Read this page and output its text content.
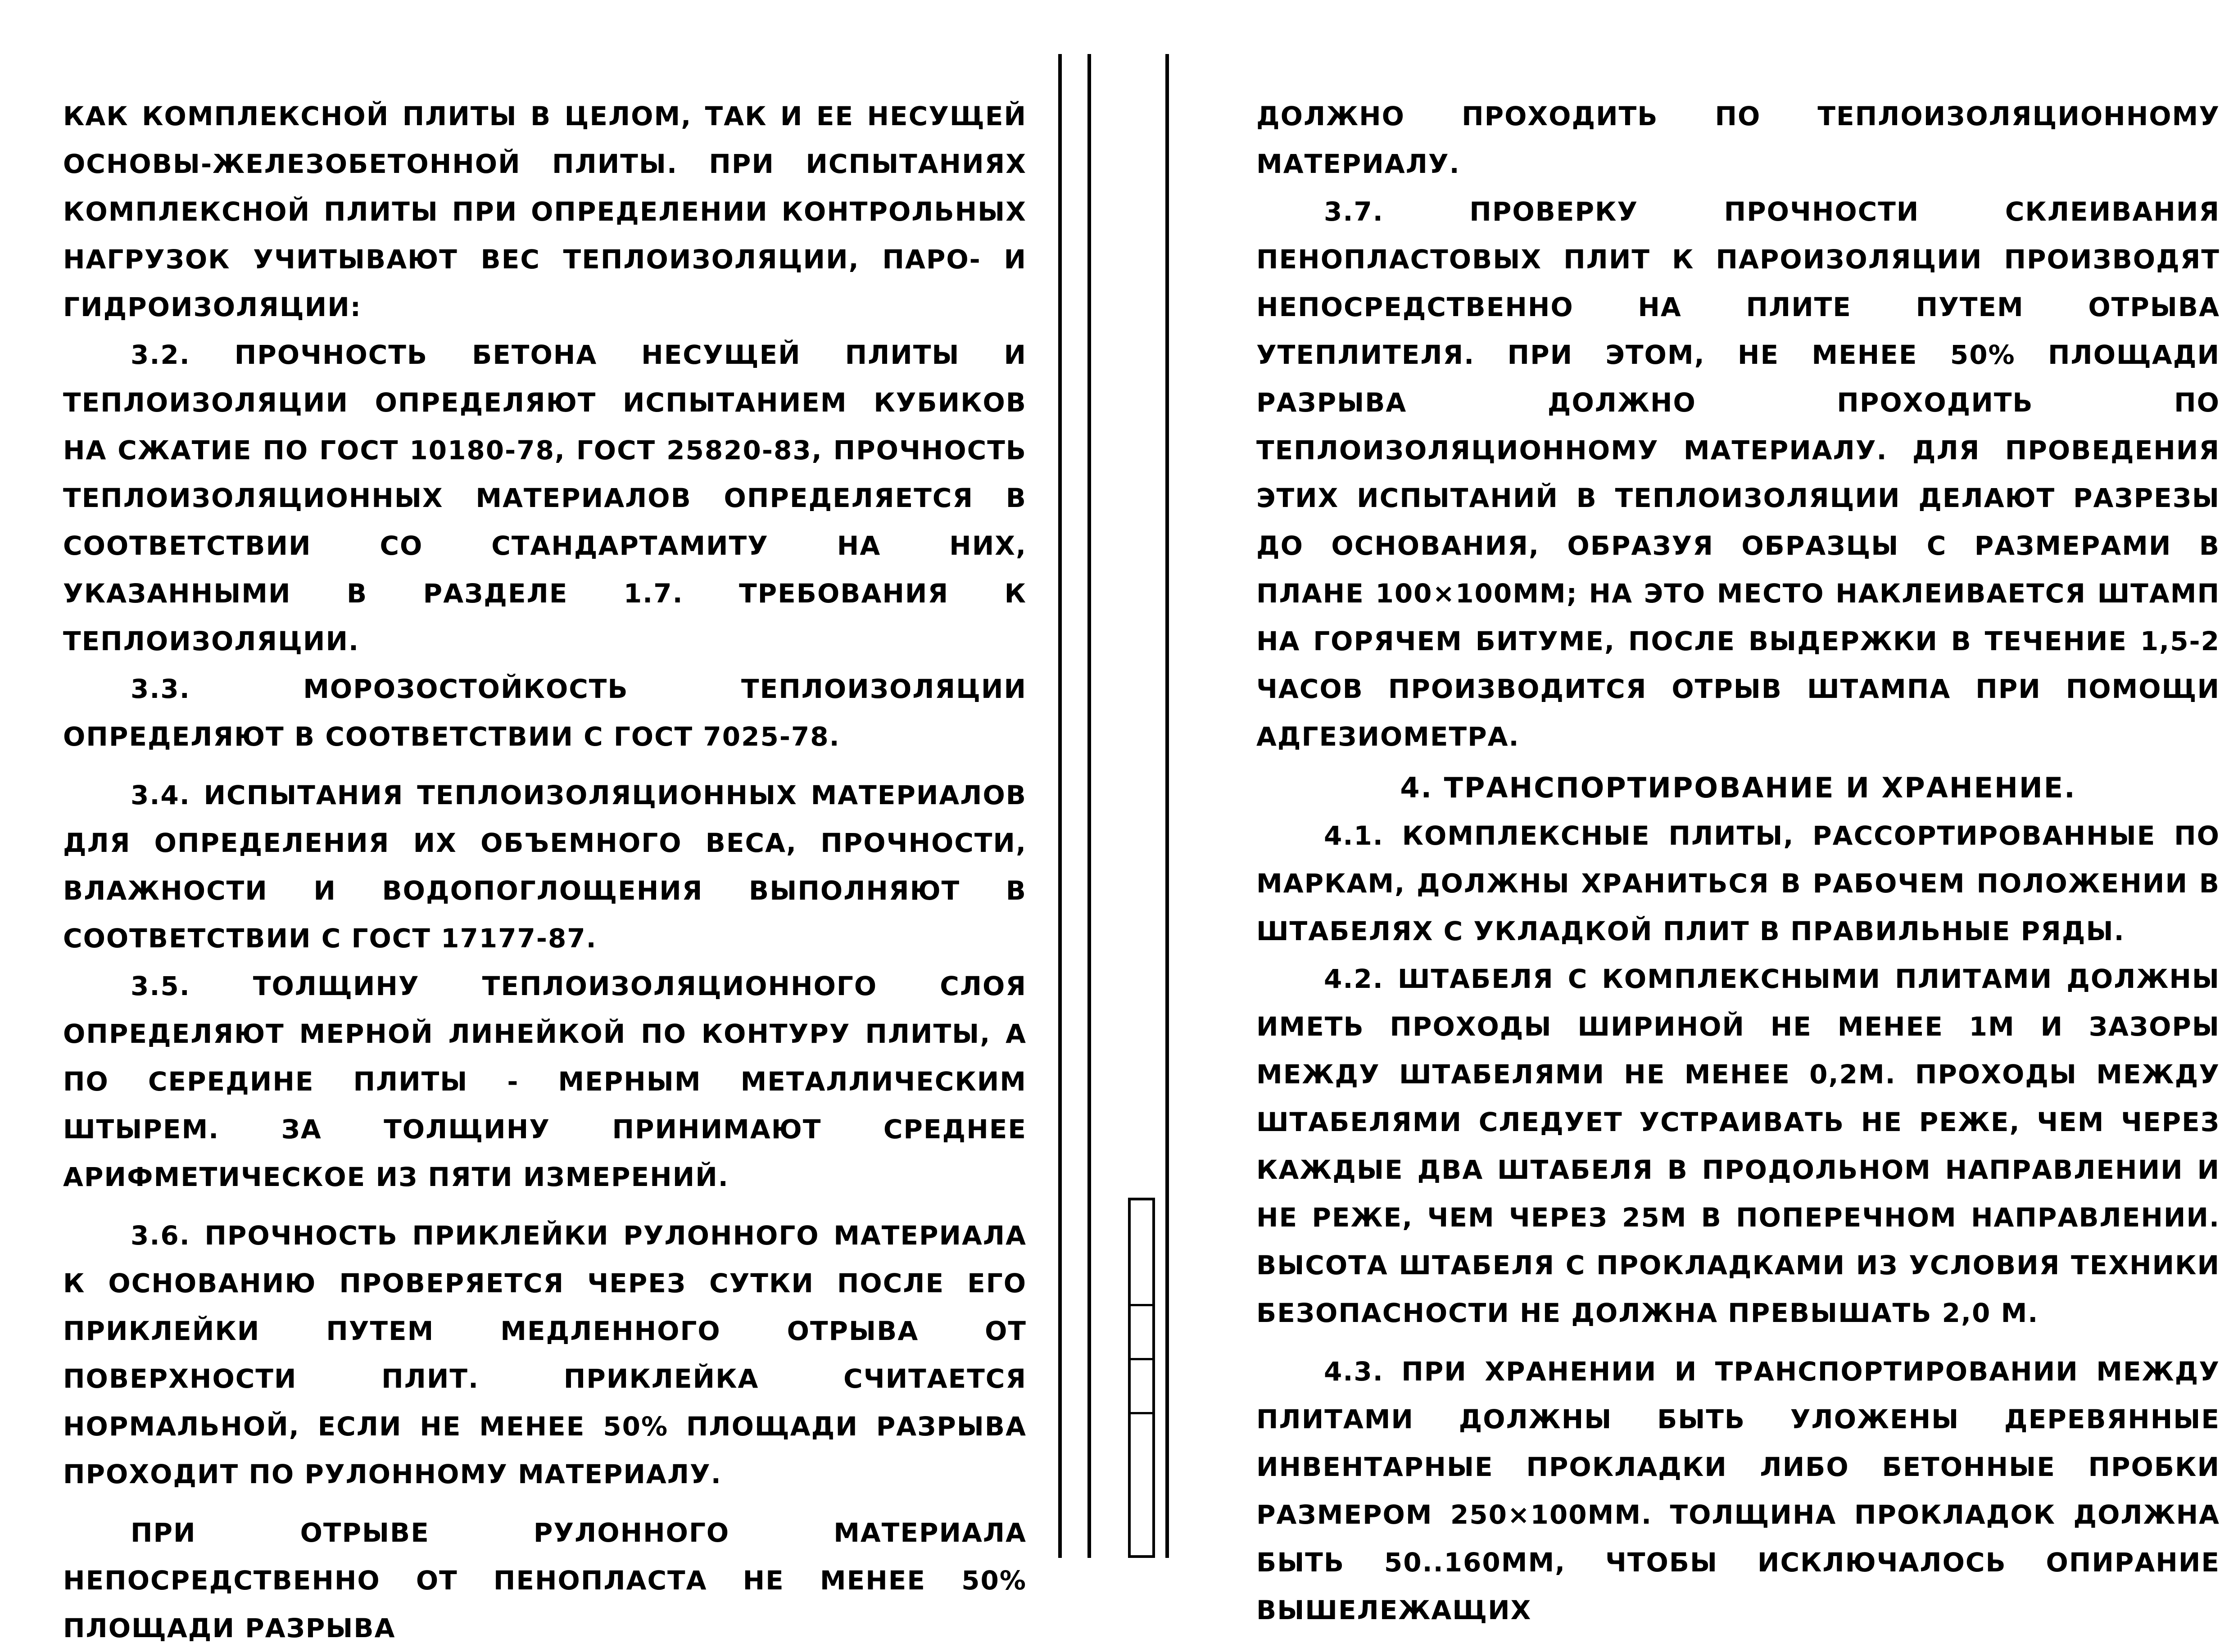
КАК КОМПЛЕКСНОЙ ПЛИТЫ В ЦЕЛОМ, ТАК И ЕЕ НЕСУЩЕЙ ОСНОВЫ-ЖЕЛЕЗОБЕТОННОЙ ПЛИТЫ. ПРИ ИСПЫТАНИЯХ КОМПЛЕКСНОЙ ПЛИТЫ ПРИ ОПРЕДЕЛЕНИИ КОНТРОЛЬНЫХ НАГРУЗОК УЧИТЫВАЮТ ВЕС ТЕПЛОИЗОЛЯЦИИ, ПАРО- И ГИДРОИЗОЛЯЦИИ:

3.2. ПРОЧНОСТЬ БЕТОНА НЕСУЩЕЙ ПЛИТЫ И ТЕПЛОИЗОЛЯЦИИ ОПРЕДЕЛЯЮТ ИСПЫТАНИЕМ КУБИКОВ НА СЖАТИЕ ПО ГОСТ 10180-78, ГОСТ 25820-83, ПРОЧНОСТЬ ТЕПЛОИЗОЛЯЦИОННЫХ МАТЕРИАЛОВ ОПРЕДЕЛЯЕТСЯ В СООТВЕТСТВИИ СО СТАНДАРТАМИТУ НА НИХ, УКАЗАННЫМИ В РАЗДЕЛЕ 1.7. ТРЕБОВАНИЯ К ТЕПЛОИЗОЛЯЦИИ.

3.3. МОРОЗОСТОЙКОСТЬ ТЕПЛОИЗОЛЯЦИИ ОПРЕДЕЛЯЮТ В СООТВЕТСТВИИ С ГОСТ 7025-78.

3.4. ИСПЫТАНИЯ ТЕПЛОИЗОЛЯЦИОННЫХ МАТЕРИАЛОВ ДЛЯ ОПРЕДЕЛЕНИЯ ИХ ОБЪЕМНОГО ВЕСА, ПРОЧНОСТИ, ВЛАЖНОСТИ И ВОДОПОГЛОЩЕНИЯ ВЫПОЛНЯЮТ В СООТВЕТСТВИИ С ГОСТ 17177-87.

3.5. ТОЛЩИНУ ТЕПЛОИЗОЛЯЦИОННОГО СЛОЯ ОПРЕДЕЛЯЮТ МЕРНОЙ ЛИНЕЙКОЙ ПО КОНТУРУ ПЛИТЫ, А ПО СЕРЕДИНЕ ПЛИТЫ - МЕРНЫМ МЕТАЛЛИЧЕСКИМ ШТЫРЕМ. ЗА ТОЛЩИНУ ПРИНИМАЮТ СРЕДНЕЕ АРИФМЕТИЧЕСКОЕ ИЗ ПЯТИ ИЗМЕРЕНИЙ.

3.6. ПРОЧНОСТЬ ПРИКЛЕЙКИ РУЛОННОГО МАТЕРИАЛА К ОСНОВАНИЮ ПРОВЕРЯЕТСЯ ЧЕРЕЗ СУТКИ ПОСЛЕ ЕГО ПРИКЛЕЙКИ ПУТЕМ МЕДЛЕННОГО ОТРЫВА ОТ ПОВЕРХНОСТИ ПЛИТ. ПРИКЛЕЙКА СЧИТАЕТСЯ НОРМАЛЬНОЙ, ЕСЛИ НЕ МЕНЕЕ 50% ПЛОЩАДИ РАЗРЫВА ПРОХОДИТ ПО РУЛОННОМУ МАТЕРИАЛУ.

ПРИ ОТРЫВЕ РУЛОННОГО МАТЕРИАЛА НЕПОСРЕДСТВЕННО ОТ ПЕНОПЛАСТА НЕ МЕНЕЕ 50% ПЛОЩАДИ РАЗРЫВА

ДОЛЖНО ПРОХОДИТЬ ПО ТЕПЛОИЗОЛЯЦИОННОМУ МАТЕРИАЛУ.

3.7. ПРОВЕРКУ ПРОЧНОСТИ СКЛЕИВАНИЯ ПЕНОПЛАСТОВЫХ ПЛИТ К ПАРОИЗОЛЯЦИИ ПРОИЗВОДЯТ НЕПОСРЕДСТВЕННО НА ПЛИТЕ ПУТЕМ ОТРЫВА УТЕПЛИТЕЛЯ. ПРИ ЭТОМ, НЕ МЕНЕЕ 50% ПЛОЩАДИ РАЗРЫВА ДОЛЖНО ПРОХОДИТЬ ПО ТЕПЛОИЗОЛЯЦИОННОМУ МАТЕРИАЛУ. ДЛЯ ПРОВЕДЕНИЯ ЭТИХ ИСПЫТАНИЙ В ТЕПЛОИЗОЛЯЦИИ ДЕЛАЮТ РАЗРЕЗЫ ДО ОСНОВАНИЯ, ОБРАЗУЯ ОБРАЗЦЫ С РАЗМЕРАМИ В ПЛАНЕ 100×100ММ; НА ЭТО МЕСТО НАКЛЕИВАЕТСЯ ШТАМП НА ГОРЯЧЕМ БИТУМЕ, ПОСЛЕ ВЫДЕРЖКИ В ТЕЧЕНИЕ 1,5-2 ЧАСОВ ПРОИЗВОДИТСЯ ОТРЫВ ШТАМПА ПРИ ПОМОЩИ АДГЕЗИОМЕТРА.

4. ТРАНСПОРТИРОВАНИЕ И ХРАНЕНИЕ.

4.1. КОМПЛЕКСНЫЕ ПЛИТЫ, РАССОРТИРОВАННЫЕ ПО МАРКАМ, ДОЛЖНЫ ХРАНИТЬСЯ В РАБОЧЕМ ПОЛОЖЕНИИ В ШТАБЕЛЯХ С УКЛАДКОЙ ПЛИТ В ПРАВИЛЬНЫЕ РЯДЫ.

4.2. ШТАБЕЛЯ С КОМПЛЕКСНЫМИ ПЛИТАМИ ДОЛЖНЫ ИМЕТЬ ПРОХОДЫ ШИРИНОЙ НЕ МЕНЕЕ 1М И ЗАЗОРЫ МЕЖДУ ШТАБЕЛЯМИ НЕ МЕНЕЕ 0,2М. ПРОХОДЫ МЕЖДУ ШТАБЕЛЯМИ СЛЕДУЕТ УСТРАИВАТЬ НЕ РЕЖЕ, ЧЕМ ЧЕРЕЗ КАЖДЫЕ ДВА ШТАБЕЛЯ В ПРОДОЛЬНОМ НАПРАВЛЕНИИ И НЕ РЕЖЕ, ЧЕМ ЧЕРЕЗ 25М В ПОПЕРЕЧНОМ НАПРАВЛЕНИИ. ВЫСОТА ШТАБЕЛЯ С ПРОКЛАДКАМИ ИЗ УСЛОВИЯ ТЕХНИКИ БЕЗОПАСНОСТИ НЕ ДОЛЖНА ПРЕВЫШАТЬ 2,0 М.

4.3. ПРИ ХРАНЕНИИ И ТРАНСПОРТИРОВАНИИ МЕЖДУ ПЛИТАМИ ДОЛЖНЫ БЫТЬ УЛОЖЕНЫ ДЕРЕВЯННЫЕ ИНВЕНТАРНЫЕ ПРОКЛАДКИ ЛИБО БЕТОННЫЕ ПРОБКИ РАЗМЕРОМ 250×100ММ. ТОЛЩИНА ПРОКЛАДОК ДОЛЖНА БЫТЬ 50..160ММ, ЧТОБЫ ИСКЛЮЧАЛОСЬ ОПИРАНИЕ ВЫШЕЛЕЖАЩИХ
